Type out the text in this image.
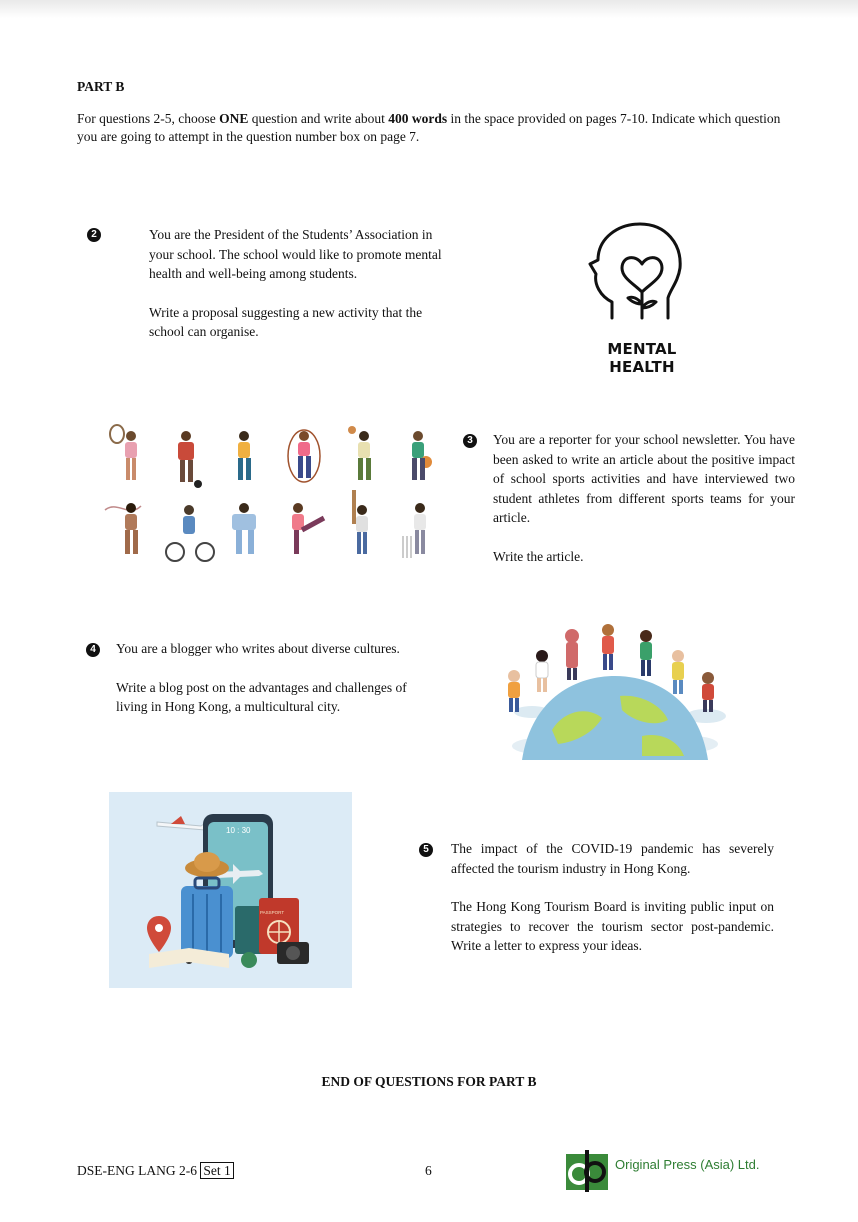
PART B
For questions 2-5, choose ONE question and write about 400 words in the space provided on pages 7-10. Indicate which question you are going to attempt in the question number box on page 7.
2	You are the President of the Students’ Association in your school. The school would like to promote mental health and well-being among students.

Write a proposal suggesting a new activity that the school can organise.

MENTAL HEALTH
3	You are a reporter for your school newsletter. You have been asked to write an article about the positive impact of school sports activities and have interviewed two student athletes from different sports teams for your article.

Write the article.

4	You are a blogger who writes about diverse cultures.

Write a blog post on the advantages and challenges of living in Hong Kong, a multicultural city.

10 : 30
PASSPORT
5	The impact of the COVID-19 pandemic has severely affected the tourism industry in Hong Kong.

The Hong Kong Tourism Board is inviting public input on strategies to recover the tourism sector post-pandemic. Write a letter to express your ideas.

END OF QUESTIONS FOR PART B
DSE-ENG LANG 2-6 Set 1	6	Original Press (Asia) Ltd.
